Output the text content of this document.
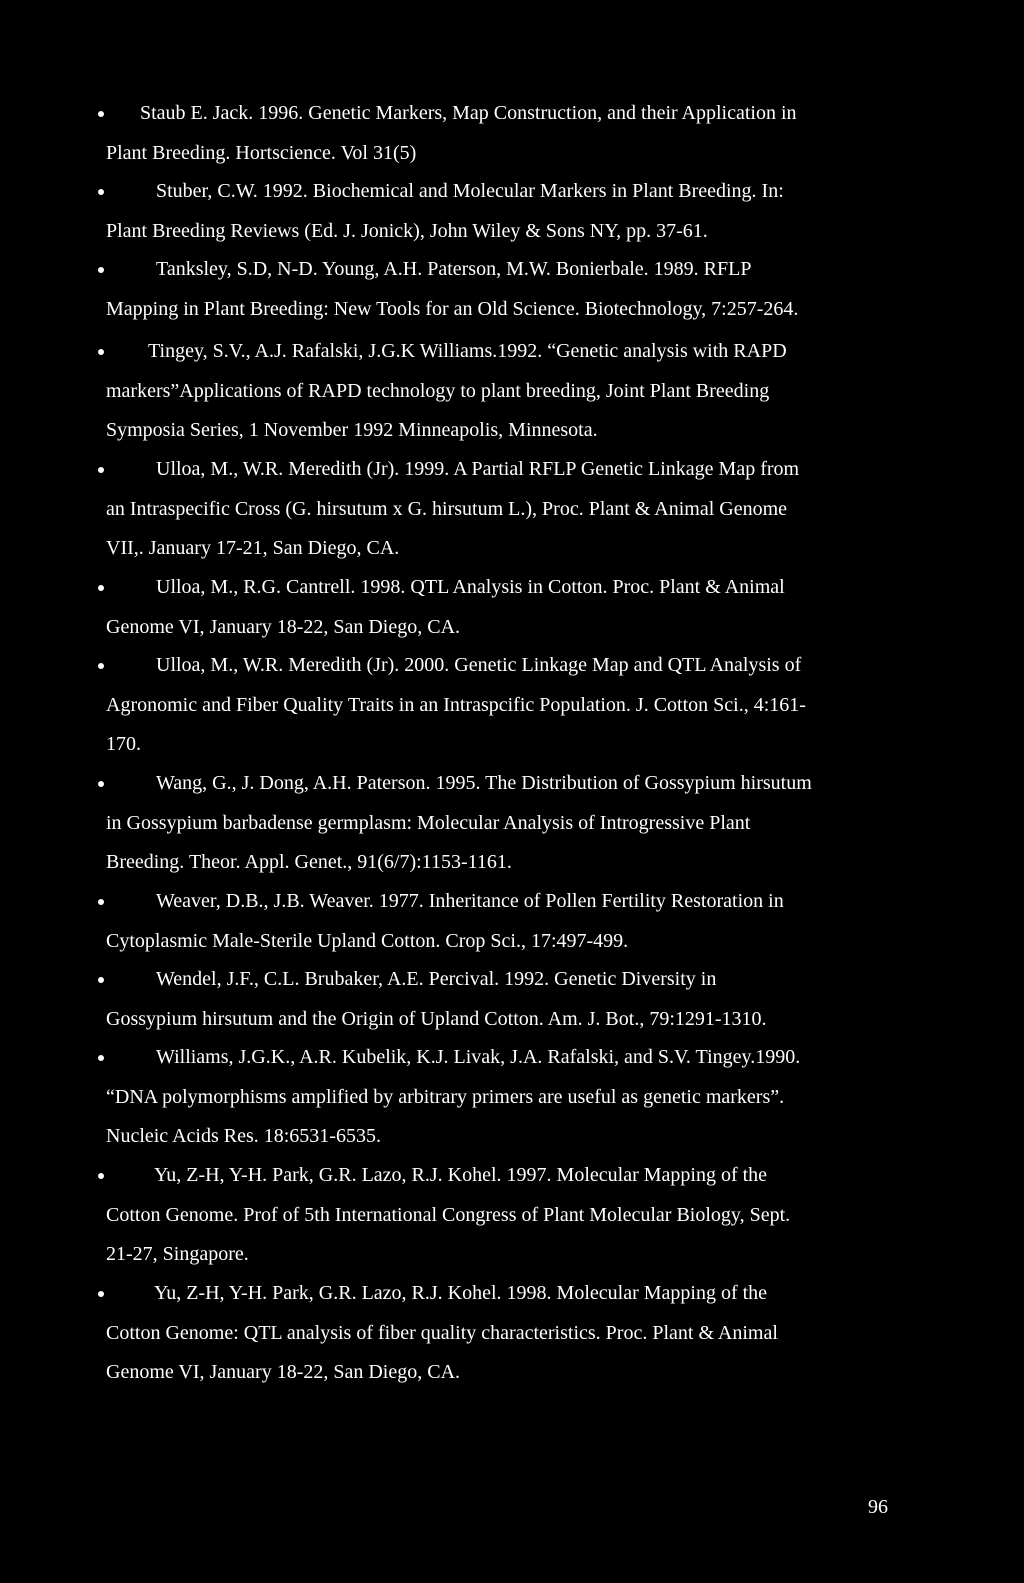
Staub E. Jack. 1996. Genetic Markers, Map Construction, and their Application in
Plant Breeding. Hortscience. Vol 31(5)
Stuber, C.W. 1992. Biochemical and Molecular Markers in Plant Breeding. In:
Plant Breeding Reviews (Ed. J. Jonick), John Wiley & Sons NY, pp. 37-61.
Tanksley, S.D, N-D. Young, A.H. Paterson, M.W. Bonierbale. 1989. RFLP
Mapping in Plant Breeding: New Tools for an Old Science. Biotechnology, 7:257-264.
Tingey, S.V., A.J. Rafalski, J.G.K Williams.1992. “Genetic analysis with RAPD
markers”Applications of RAPD technology to plant breeding, Joint Plant Breeding
Symposia Series, 1 November 1992 Minneapolis, Minnesota.
Ulloa, M., W.R. Meredith (Jr). 1999. A Partial RFLP Genetic Linkage Map from
an Intraspecific Cross (G. hirsutum x G. hirsutum L.), Proc. Plant & Animal Genome
VII,. January 17-21, San Diego, CA.
Ulloa, M., R.G. Cantrell. 1998. QTL Analysis in Cotton. Proc. Plant & Animal
Genome VI, January 18-22, San Diego, CA.
Ulloa, M., W.R. Meredith (Jr). 2000. Genetic Linkage Map and QTL Analysis of
Agronomic and Fiber Quality Traits in an Intraspcific Population. J. Cotton Sci., 4:161-
170.
Wang, G., J. Dong, A.H. Paterson. 1995. The Distribution of Gossypium hirsutum
in Gossypium barbadense germplasm: Molecular Analysis of Introgressive Plant
Breeding. Theor. Appl. Genet., 91(6/7):1153-1161.
Weaver, D.B., J.B. Weaver. 1977. Inheritance of Pollen Fertility Restoration in
Cytoplasmic Male-Sterile Upland Cotton. Crop Sci., 17:497-499.
Wendel, J.F., C.L. Brubaker, A.E. Percival. 1992. Genetic Diversity in
Gossypium hirsutum and the Origin of Upland Cotton. Am. J. Bot., 79:1291-1310.
Williams, J.G.K., A.R. Kubelik, K.J. Livak, J.A. Rafalski, and S.V. Tingey.1990.
“DNA polymorphisms amplified by arbitrary primers are useful as genetic markers”.
Nucleic Acids Res. 18:6531-6535.
Yu, Z-H, Y-H. Park, G.R. Lazo, R.J. Kohel. 1997. Molecular Mapping of the
Cotton Genome. Prof of 5th International Congress of Plant Molecular Biology, Sept.
21-27, Singapore.
Yu, Z-H, Y-H. Park, G.R. Lazo, R.J. Kohel. 1998. Molecular Mapping of the
Cotton Genome: QTL analysis of fiber quality characteristics. Proc. Plant & Animal
Genome VI, January 18-22, San Diego, CA.
96
